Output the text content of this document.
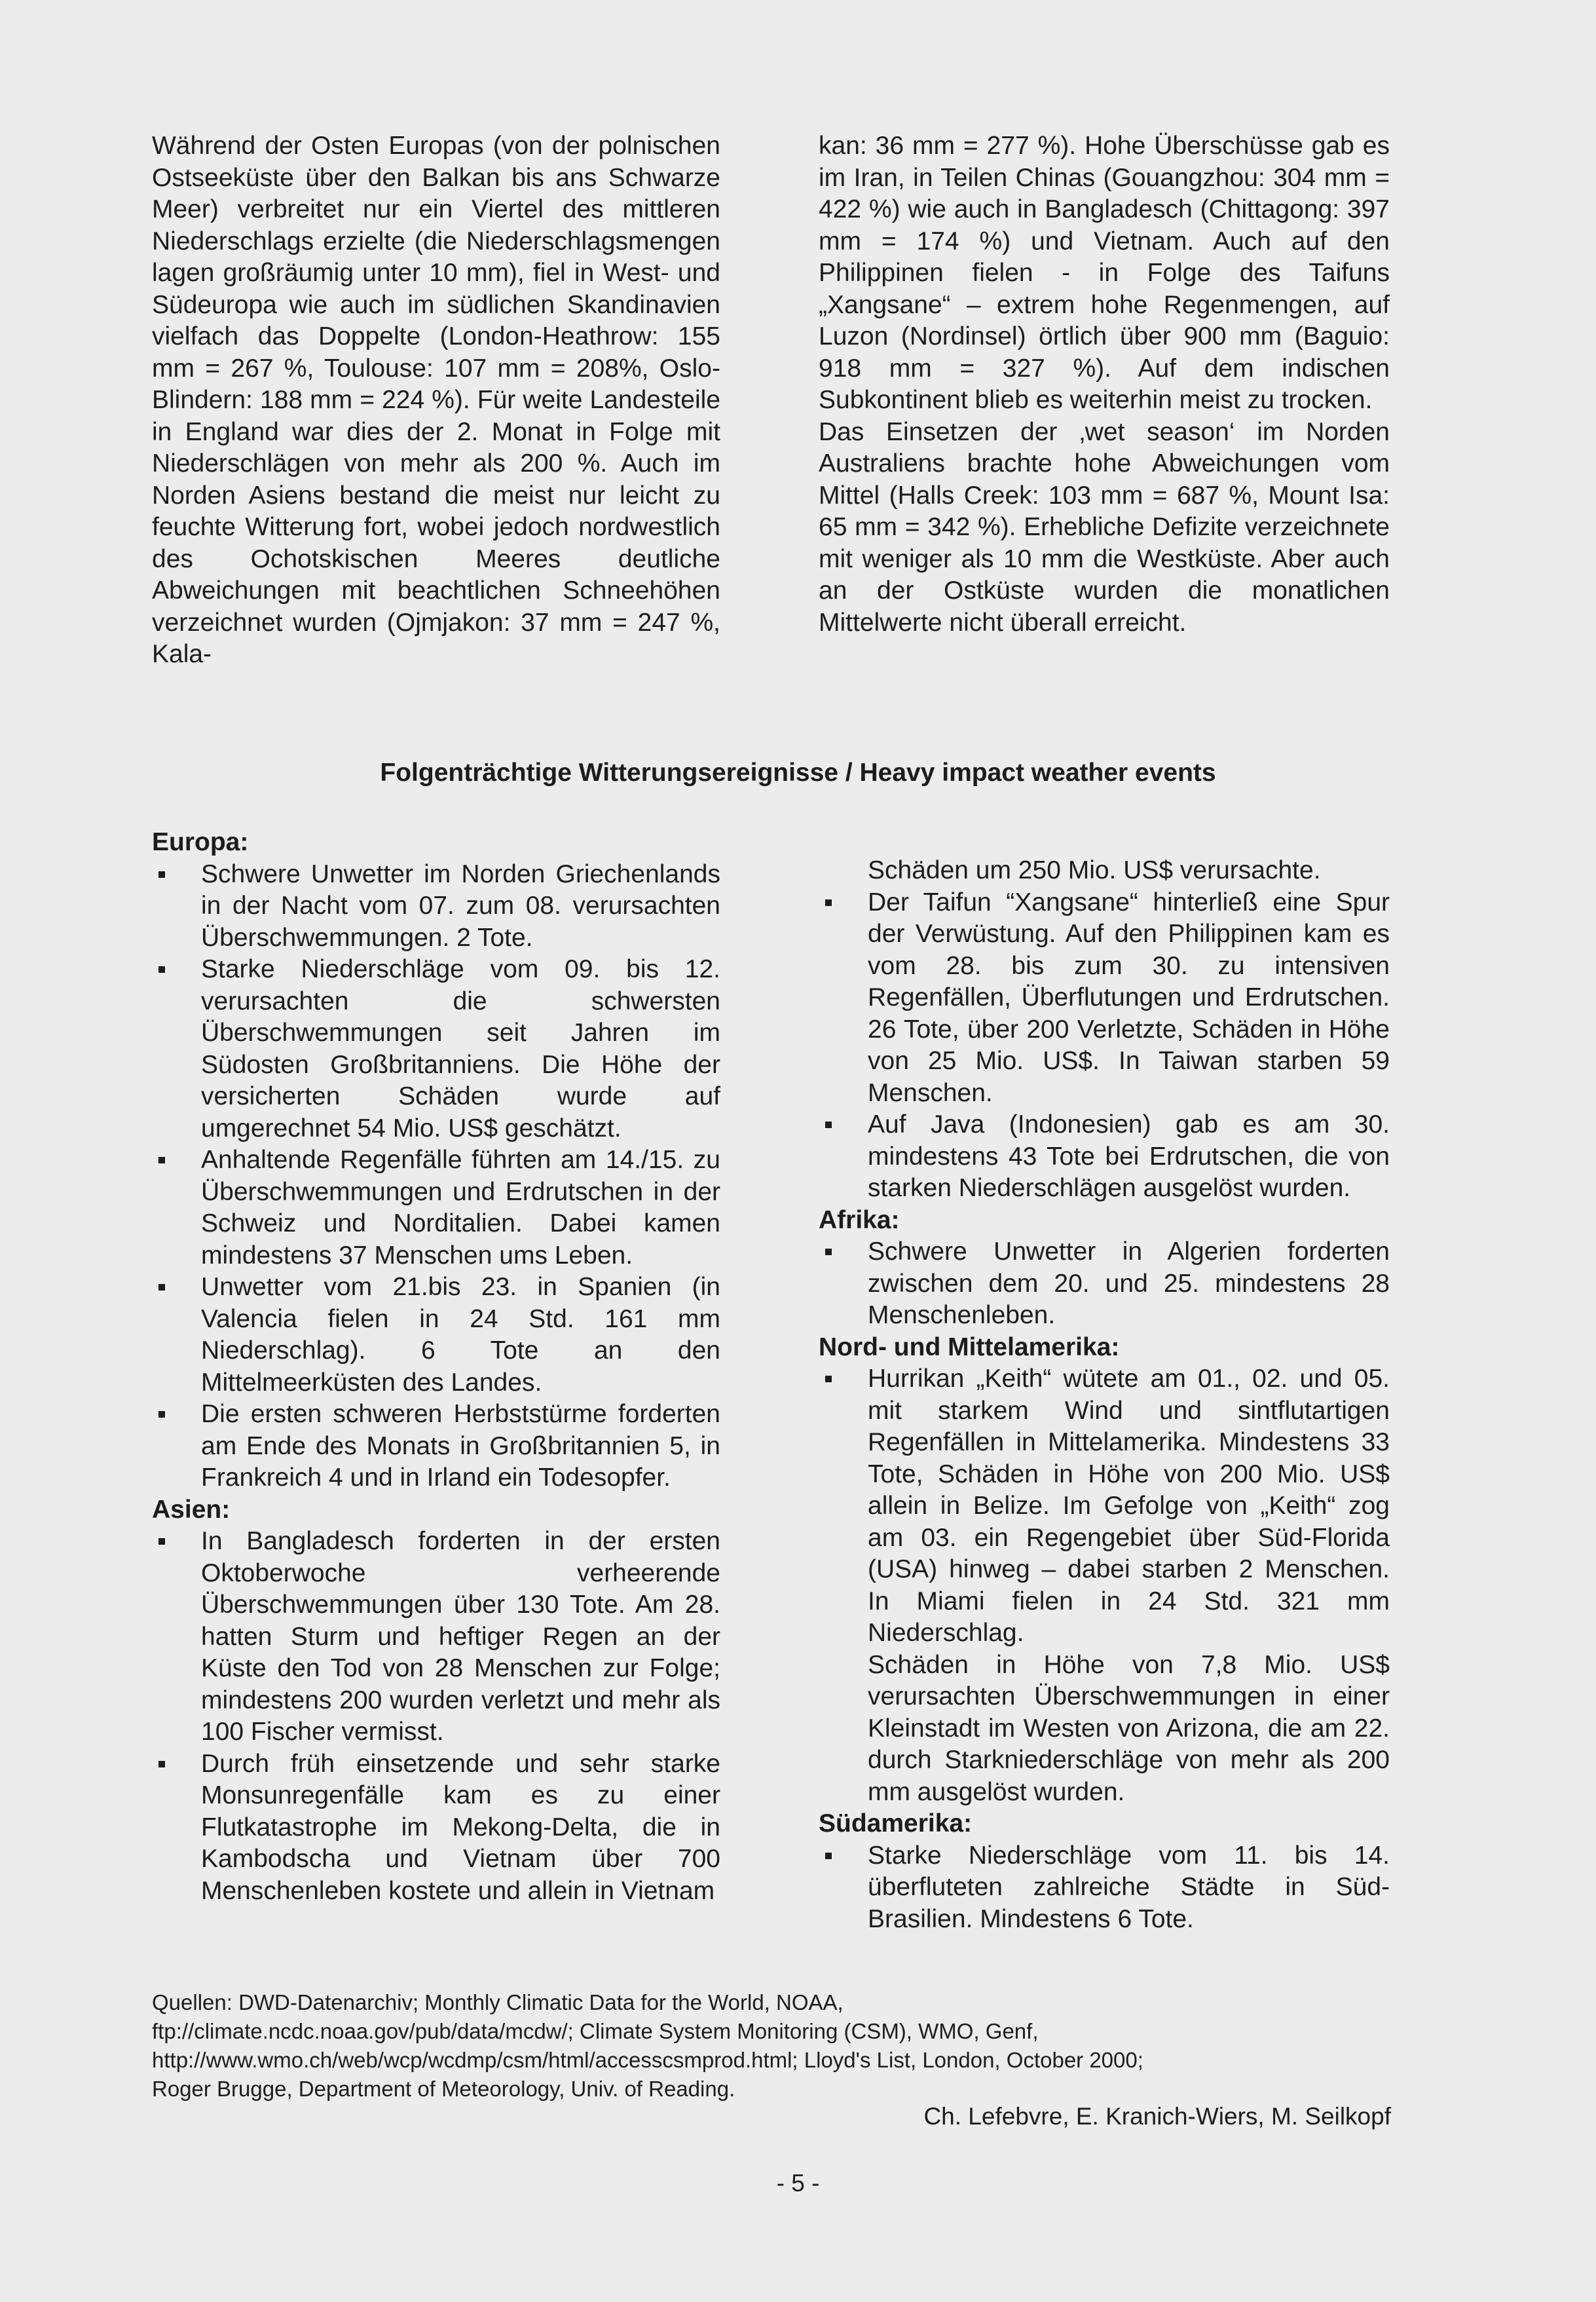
Während der Osten Europas (von der polnischen Ostseeküste über den Balkan bis ans Schwarze Meer) verbreitet nur ein Viertel des mittleren Niederschlags erzielte (die Niederschlagsmengen lagen großräumig unter 10 mm), fiel in West- und Südeuropa wie auch im südlichen Skandinavien vielfach das Doppelte (London-Heathrow: 155 mm = 267 %, Toulouse: 107 mm = 208%, Oslo-Blindern: 188 mm = 224 %). Für weite Landesteile in England war dies der 2. Monat in Folge mit Niederschlägen von mehr als 200 %. Auch im Norden Asiens bestand die meist nur leicht zu feuchte Witterung fort, wobei jedoch nordwestlich des Ochotskischen Meeres deutliche Abweichungen mit beachtlichen Schneehöhen verzeichnet wurden (Ojmjakon: 37 mm = 247 %, Kala-

kan: 36 mm = 277 %). Hohe Überschüsse gab es im Iran, in Teilen Chinas (Gouangzhou: 304 mm = 422 %) wie auch in Bangladesch (Chittagong: 397 mm = 174 %) und Vietnam. Auch auf den Philippinen fielen - in Folge des Taifuns „Xangsane“ – extrem hohe Regenmengen, auf Luzon (Nordinsel) örtlich über 900 mm (Baguio: 918 mm = 327 %). Auf dem indischen Subkontinent blieb es weiterhin meist zu trocken.

Das Einsetzen der ‚wet season‘ im Norden Australiens brachte hohe Abweichungen vom Mittel (Halls Creek: 103 mm = 687 %, Mount Isa: 65 mm = 342 %). Erhebliche Defizite verzeichnete mit weniger als 10 mm die Westküste. Aber auch an der Ostküste wurden die monatlichen Mittelwerte nicht überall erreicht.

Folgenträchtige Witterungsereignisse / Heavy impact weather events

Europa:

Schwere Unwetter im Norden Griechenlands in der Nacht vom 07. zum 08. verursachten Überschwemmungen. 2 Tote.
Starke Niederschläge vom 09. bis 12. verursachten die schwersten Überschwemmungen seit Jahren im Südosten Großbritanniens. Die Höhe der versicherten Schäden wurde auf umgerechnet 54 Mio. US$ geschätzt.
Anhaltende Regenfälle führten am 14./15. zu Überschwemmungen und Erdrutschen in der Schweiz und Norditalien. Dabei kamen mindestens 37 Menschen ums Leben.
Unwetter vom 21.bis 23. in Spanien (in Valencia fielen in 24 Std. 161 mm Niederschlag). 6 Tote an den Mittelmeerküsten des Landes.
Die ersten schweren Herbststürme forderten am Ende des Monats in Großbritannien 5, in Frankreich 4 und in Irland ein Todesopfer.

Asien:

In Bangladesch forderten in der ersten Oktoberwoche verheerende Überschwemmungen über 130 Tote. Am 28. hatten Sturm und heftiger Regen an der Küste den Tod von 28 Menschen zur Folge; mindestens 200 wurden verletzt und mehr als 100 Fischer vermisst.
Durch früh einsetzende und sehr starke Monsunregenfälle kam es zu einer Flutkatastrophe im Mekong-Delta, die in Kambodscha und Vietnam über 700 Menschenleben kostete und allein in Vietnam

Schäden um 250 Mio. US$ verursachte.

Der Taifun “Xangsane“ hinterließ eine Spur der Verwüstung. Auf den Philippinen kam es vom 28. bis zum 30. zu intensiven Regenfällen, Überflutungen und Erdrutschen. 26 Tote, über 200 Verletzte, Schäden in Höhe von 25 Mio. US$. In Taiwan starben 59 Menschen.
Auf Java (Indonesien) gab es am 30. mindestens 43 Tote bei Erdrutschen, die von starken Niederschlägen ausgelöst wurden.

Afrika:

Schwere Unwetter in Algerien forderten zwischen dem 20. und 25. mindestens 28 Menschenleben.

Nord- und Mittelamerika:

Hurrikan „Keith“ wütete am 01., 02. und 05. mit starkem Wind und sintflutartigen Regenfällen in Mittelamerika. Mindestens 33 Tote, Schäden in Höhe von 200 Mio. US$ allein in Belize. Im Gefolge von „Keith“ zog am 03. ein Regengebiet über Süd-Florida (USA) hinweg – dabei starben 2 Menschen. In Miami fielen in 24 Std. 321 mm Niederschlag.

Schäden in Höhe von 7,8 Mio. US$ verursachten Überschwemmungen in einer Kleinstadt im Westen von Arizona, die am 22. durch Starkniederschläge von mehr als 200 mm ausgelöst wurden.

Südamerika:

Starke Niederschläge vom 11. bis 14. überfluteten zahlreiche Städte in Süd-Brasilien. Mindestens 6 Tote.

Quellen: DWD-Datenarchiv; Monthly Climatic Data for the World, NOAA,
ftp://climate.ncdc.noaa.gov/pub/data/mcdw/; Climate System Monitoring (CSM), WMO, Genf,
http://www.wmo.ch/web/wcp/wcdmp/csm/html/accesscsmprod.html; Lloyd's List, London, October 2000;
Roger Brugge, Department of Meteorology, Univ. of Reading.

Ch. Lefebvre, E. Kranich-Wiers, M. Seilkopf

- 5 -
